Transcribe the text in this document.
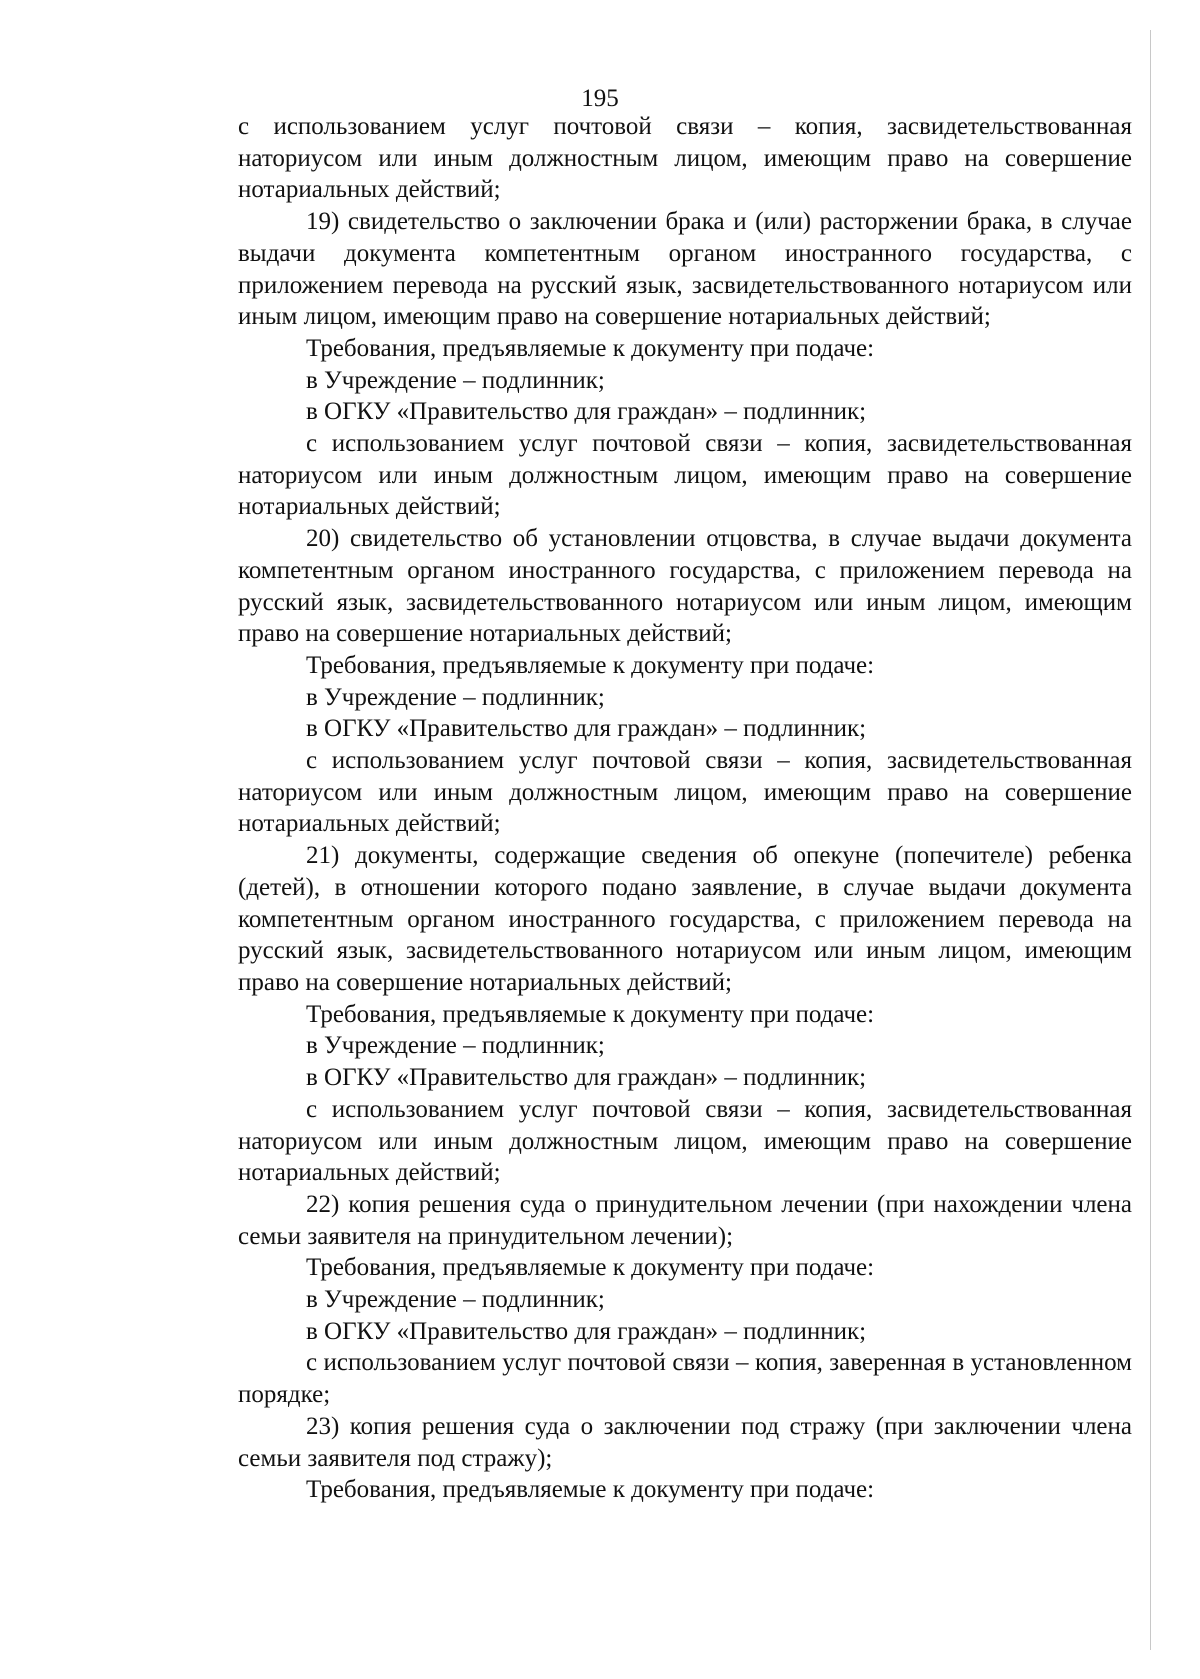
195

с использованием услуг почтовой связи – копия, засвидетельствованная наториусом или иным должностным лицом, имеющим право на совершение нотариальных действий;

19) свидетельство о заключении брака и (или) расторжении брака, в случае выдачи документа компетентным органом иностранного государства, с приложением перевода на русский язык, засвидетельствованного нотариусом или иным лицом, имеющим право на совершение нотариальных действий;

Требования, предъявляемые к документу при подаче:

в Учреждение – подлинник;

в ОГКУ «Правительство для граждан» – подлинник;

с использованием услуг почтовой связи – копия, засвидетельствованная наториусом или иным должностным лицом, имеющим право на совершение нотариальных действий;

20) свидетельство об установлении отцовства, в случае выдачи документа компетентным органом иностранного государства, с приложением перевода на русский язык, засвидетельствованного нотариусом или иным лицом, имеющим право на совершение нотариальных действий;

Требования, предъявляемые к документу при подаче:

в Учреждение – подлинник;

в ОГКУ «Правительство для граждан» – подлинник;

с использованием услуг почтовой связи – копия, засвидетельствованная наториусом или иным должностным лицом, имеющим право на совершение нотариальных действий;

21) документы, содержащие сведения об опекуне (попечителе) ребенка (детей), в отношении которого подано заявление, в случае выдачи документа компетентным органом иностранного государства, с приложением перевода на русский язык, засвидетельствованного нотариусом или иным лицом, имеющим право на совершение нотариальных действий;

Требования, предъявляемые к документу при подаче:

в Учреждение – подлинник;

в ОГКУ «Правительство для граждан» – подлинник;

с использованием услуг почтовой связи – копия, засвидетельствованная наториусом или иным должностным лицом, имеющим право на совершение нотариальных действий;

22) копия решения суда о принудительном лечении (при нахождении члена семьи заявителя на принудительном лечении);

Требования, предъявляемые к документу при подаче:

в Учреждение – подлинник;

в ОГКУ «Правительство для граждан» – подлинник;

с использованием услуг почтовой связи – копия, заверенная в установленном порядке;

23) копия решения суда о заключении под стражу (при заключении члена семьи заявителя под стражу);

Требования, предъявляемые к документу при подаче:
